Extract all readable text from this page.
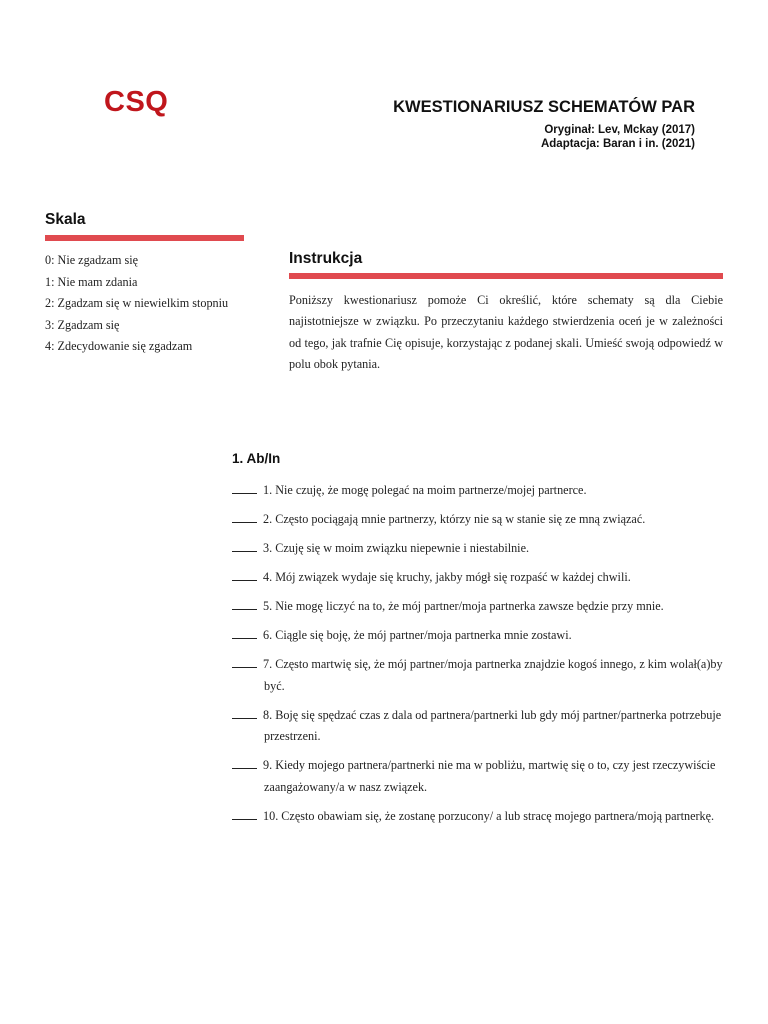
CSQ	KWESTIONARIUSZ SCHEMATÓW PAR
Oryginał: Lev, Mckay (2017)
Adaptacja: Baran i in. (2021)
Skala
0: Nie zgadzam się
1: Nie mam zdania
2: Zgadzam się w niewielkim stopniu
3: Zgadzam się
4: Zdecydowanie się zgadzam
Instrukcja

Poniższy kwestionariusz pomoże Ci określić, które schematy są dla Ciebie najistotniejsze w związku. Po przeczytaniu każdego stwierdzenia oceń je w zależności od tego, jak trafnie Cię opisuje, korzystając z podanej skali. Umieść swoją odpowiedź w polu obok pytania.

1. Ab/In
1. Nie czuję, że mogę polegać na moim partnerze/mojej partnerce.
2. Często pociągają mnie partnerzy, którzy nie są w stanie się ze mną związać.
3. Czuję się w moim związku niepewnie i niestabilnie.
4. Mój związek wydaje się kruchy, jakby mógł się rozpaść w każdej chwili.
5. Nie mogę liczyć na to, że mój partner/moja partnerka zawsze będzie przy mnie.
6. Ciągle się boję, że mój partner/moja partnerka mnie zostawi.
7. Często martwię się, że mój partner/moja partnerka znajdzie kogoś innego, z kim wolał(a)by być.
8. Boję się spędzać czas z dala od partnera/partnerki lub gdy mój partner/partnerka potrzebuje przestrzeni.
9. Kiedy mojego partnera/partnerki nie ma w pobliżu, martwię się o to, czy jest rzeczywiście zaangażowany/a w nasz związek.
10. Często obawiam się, że zostanę porzucony/ a lub stracę mojego partnera/moją partnerkę.
